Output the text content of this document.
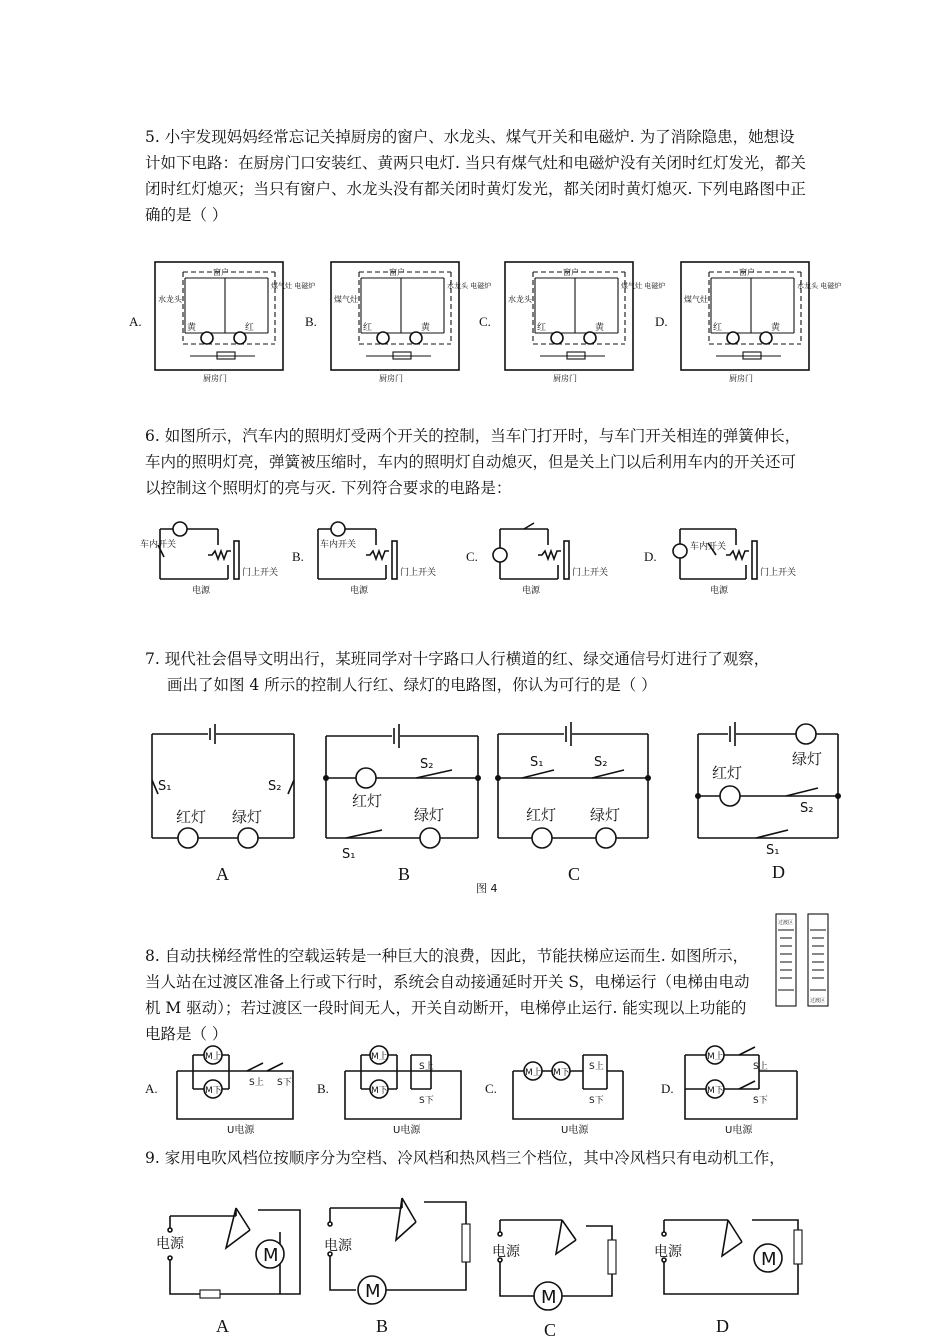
5. 小宇发现妈妈经常忘记关掉厨房的窗户、水龙头、煤气开关和电磁炉. 为了消除隐患，她想设计如下电路：在厨房门口安装红、黄两只电灯. 当只有煤气灶和电磁炉没有关闭时红灯发光，都关闭时红灯熄灭；当只有窗户、水龙头没有都关闭时黄灯发光，都关闭时黄灯熄灭. 下列电路图中正确的是（ ）

A.
窗户
水龙头
煤气灶 电磁炉
黄	红
厨房门
B.
窗户
煤气灶
水龙头 电磁炉
红	黄
厨房门
C.
窗户
水龙头
煤气灶 电磁炉
红	黄
厨房门
D.
窗户
煤气灶
水龙头 电磁炉
红	黄
厨房门

6. 如图所示，汽车内的照明灯受两个开关的控制，当车门打开时，与车门开关相连的弹簧伸长，车内的照明灯亮，弹簧被压缩时，车内的照明灯自动熄灭，但是关上门以后利用车内的开关还可以控制这个照明灯的亮与灭. 下列符合要求的电路是：

车内开关
门上开关
电源
B.
车内开关
门上开关
电源
C.
门上开关
电源
D.
车内开关
门上开关
电源

7. 现代社会倡导文明出行，某班同学对十字路口人行横道的红、绿交通信号灯进行了观察，

画出了如图 4 所示的控制人行红、绿灯的电路图，你认为可行的是（ ）

S₁	S₂
红灯 绿灯
A
红灯
绿灯
S₂
S₁
B
S₁	S₂
红灯 绿灯
C
绿灯
红灯
S₂
S₁
D
图 4

8. 自动扶梯经常性的空载运转是一种巨大的浪费，因此，节能扶梯应运而生. 如图所示，当人站在过渡区准备上行或下行时，系统会自动接通延时开关 S，电梯运行（电梯由电动机 M 驱动）；若过渡区一段时间无人，开关自动断开，电梯停止运行. 能实现以上功能的电路是（ ）

过渡区
过渡区
A.
M上
M下
S上 S下
U电源
B.
M上
M下
S上
S下
U电源
C.
M上 M下
S上
S下
U电源
D.
M上
M下
S上
S下
U电源

9. 家用电吹风档位按顺序分为空档、冷风档和热风档三个档位，其中冷风档只有电动机工作，

M
电源
A
M
电源
B
M
电源
C
M
电源
D
